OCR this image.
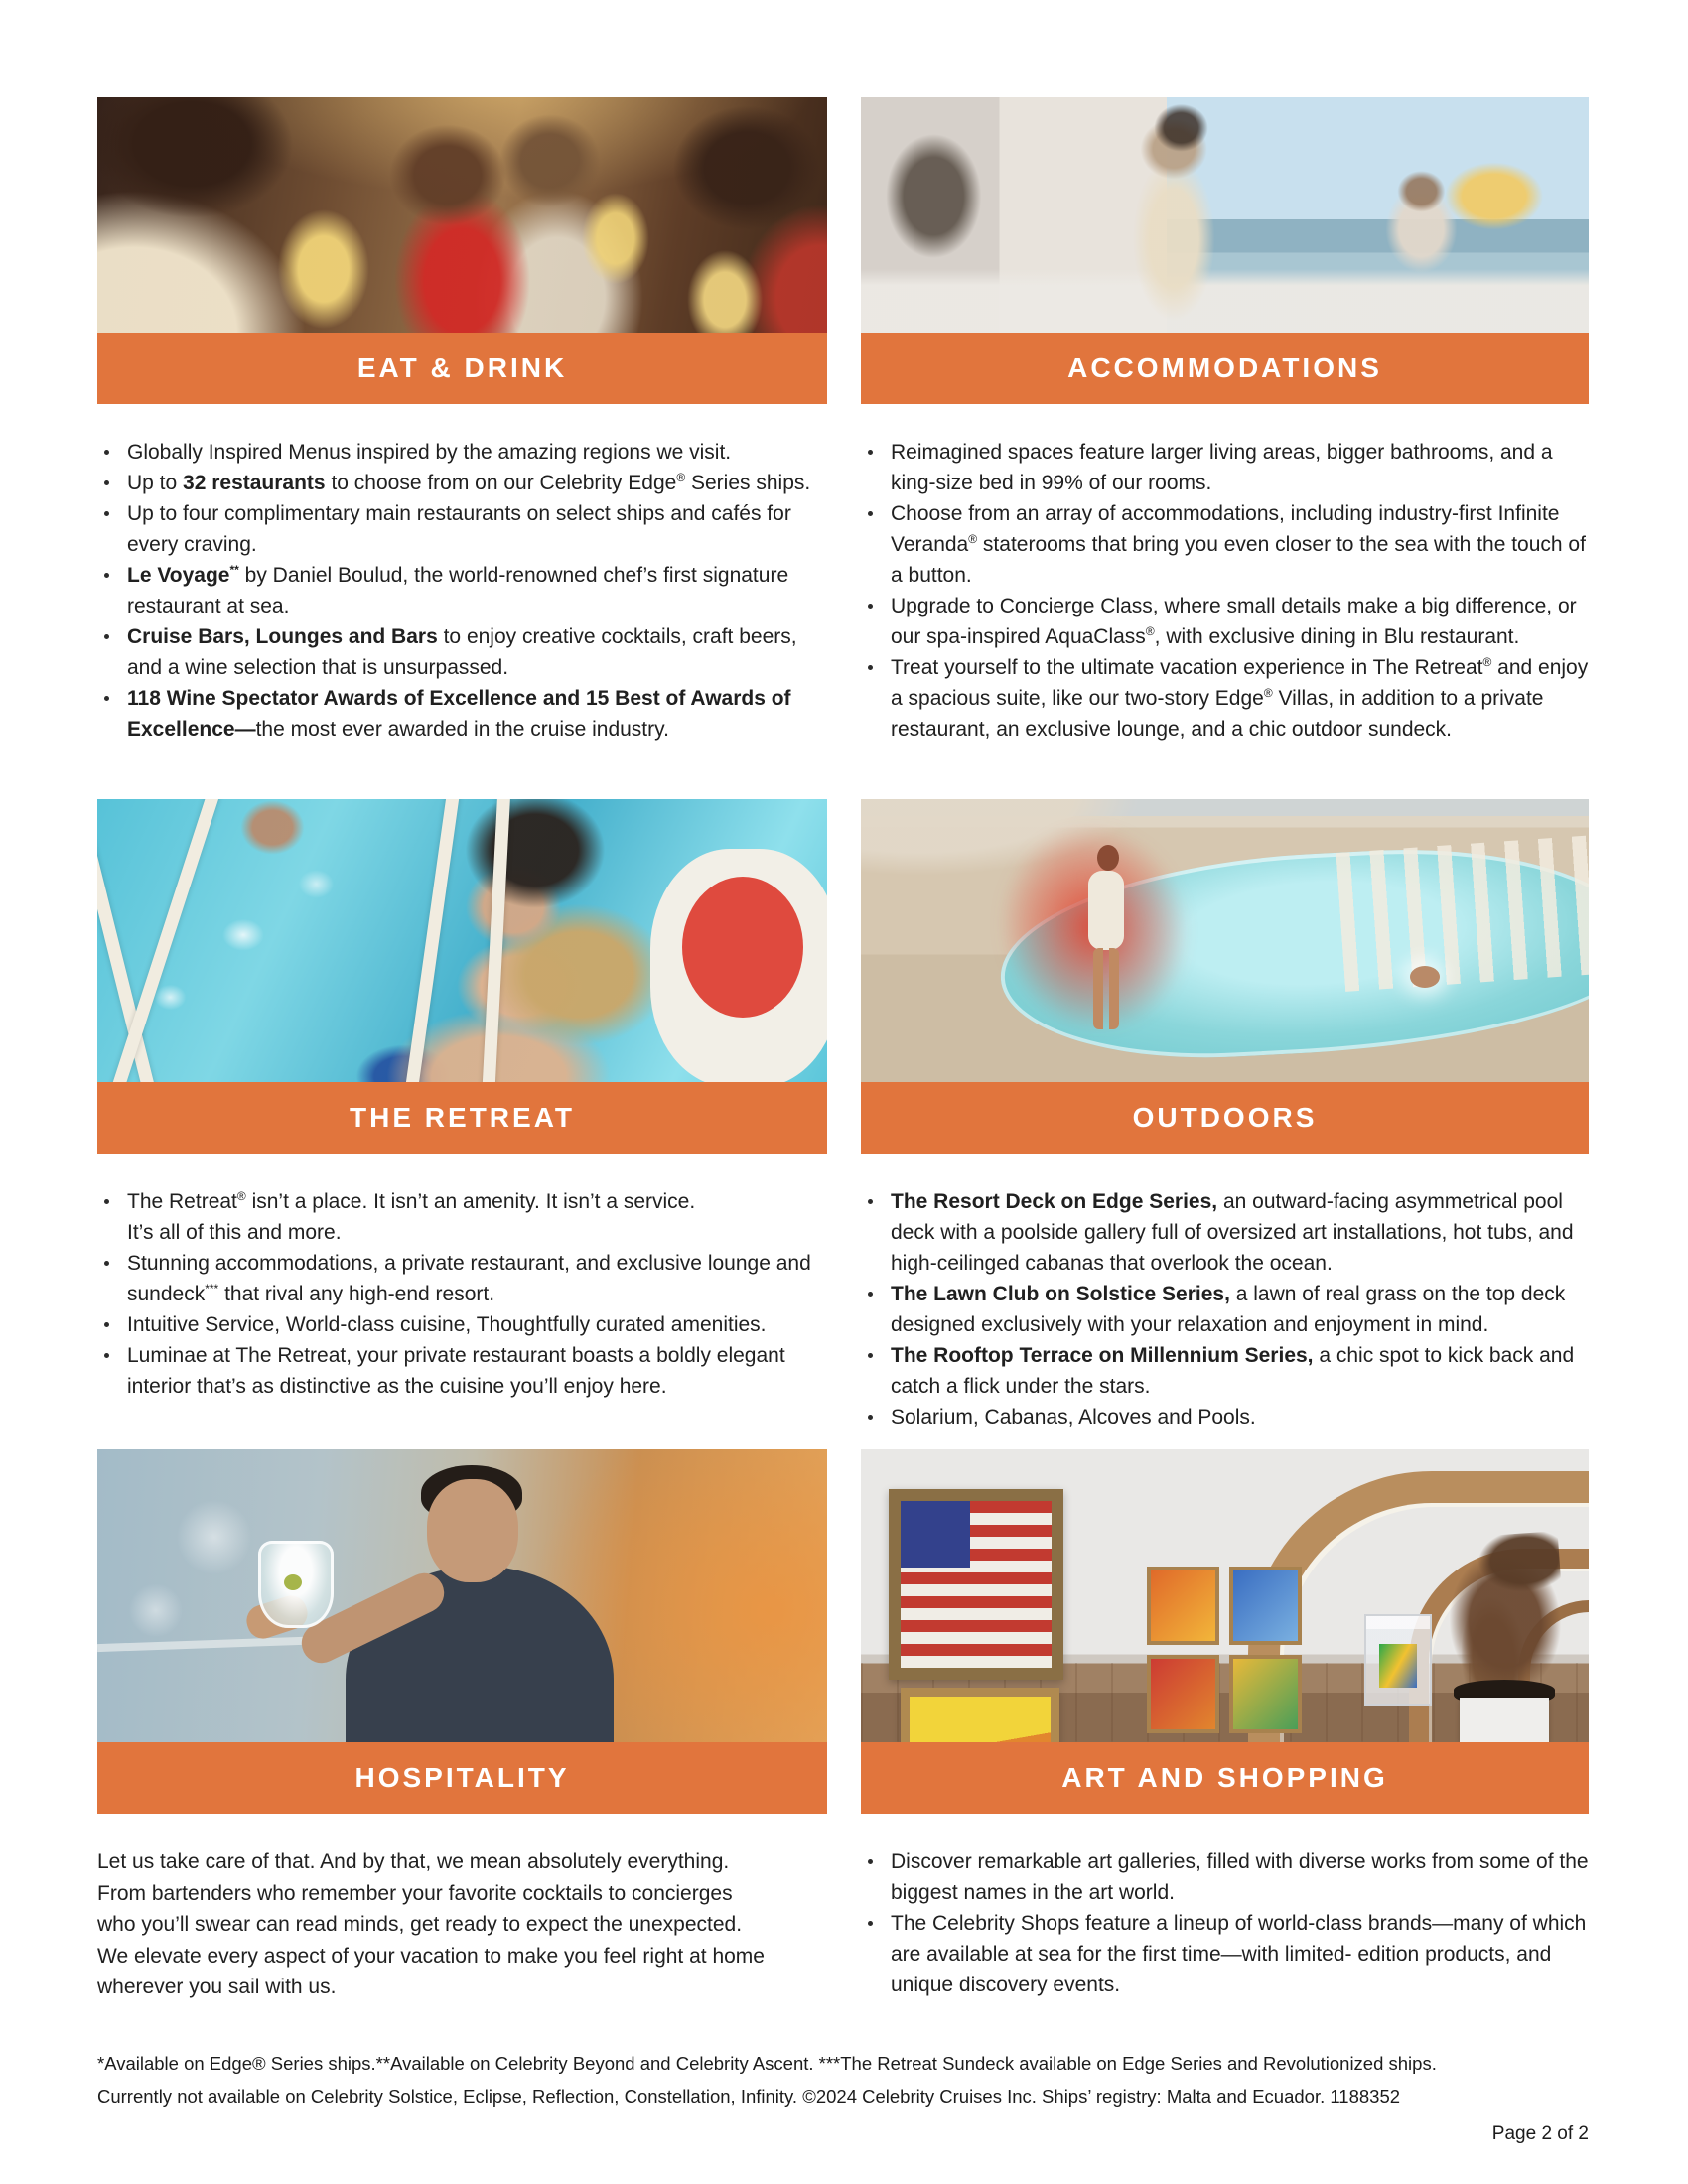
EAT & DRINK
Globally Inspired Menus inspired by the amazing regions we visit.
Up to 32 restaurants to choose from on our Celebrity Edge® Series ships.
Up to four complimentary main restaurants on select ships and cafés for every craving.
Le Voyage** by Daniel Boulud, the world-renowned chef’s first signature restaurant at sea.
Cruise Bars, Lounges and Bars to enjoy creative cocktails, craft beers, and a wine selection that is unsurpassed.
118 Wine Spectator Awards of Excellence and 15 Best of Awards of Excellence—the most ever awarded in the cruise industry.
ACCOMMODATIONS
Reimagined spaces feature larger living areas, bigger bathrooms, and a king-size bed in 99% of our rooms.
Choose from an array of accommodations, including industry-first Infinite Veranda® staterooms that bring you even closer to the sea with the touch of a button.
Upgrade to Concierge Class, where small details make a big difference, or our spa-inspired AquaClass®, with exclusive dining in Blu restaurant.
Treat yourself to the ultimate vacation experience in The Retreat® and enjoy a spacious suite, like our two-story Edge® Villas, in addition to a private restaurant, an exclusive lounge, and a chic outdoor sundeck.
THE RETREAT
The Retreat® isn’t a place. It isn’t an amenity. It isn’t a service.
It’s all of this and more.
Stunning accommodations, a private restaurant, and exclusive lounge and sundeck*** that rival any high-end resort.
Intuitive Service, World-class cuisine, Thoughtfully curated amenities.
Luminae at The Retreat, your private restaurant boasts a boldly elegant interior that’s as distinctive as the cuisine you’ll enjoy here.
OUTDOORS
The Resort Deck on Edge Series, an outward-facing asymmetrical pool deck with a poolside gallery full of oversized art installations, hot tubs, and high-ceilinged cabanas that overlook the ocean.
The Lawn Club on Solstice Series, a lawn of real grass on the top deck designed exclusively with your relaxation and enjoyment in mind.
The Rooftop Terrace on Millennium Series, a chic spot to kick back and catch a flick under the stars.
Solarium, Cabanas, Alcoves and Pools.
HOSPITALITY

Let us take care of that. And by that, we mean absolutely everything. From bartenders who remember your favorite cocktails to concierges who you’ll swear can read minds, get ready to expect the unexpected. We elevate every aspect of your vacation to make you feel right at home wherever you sail with us.

ART AND SHOPPING
Discover remarkable art galleries, filled with diverse works from some of the biggest names in the art world.
The Celebrity Shops feature a lineup of world-class brands—many of which are available at sea for the first time—with limited- edition products, and unique discovery events.
*Available on Edge® Series ships.**Available on Celebrity Beyond and Celebrity Ascent. ***The Retreat Sundeck available on Edge Series and Revolutionized ships.
Currently not available on Celebrity Solstice, Eclipse, Reflection, Constellation, Infinity. ©2024 Celebrity Cruises Inc. Ships’ registry: Malta and Ecuador. 1188352
Page 2 of 2
